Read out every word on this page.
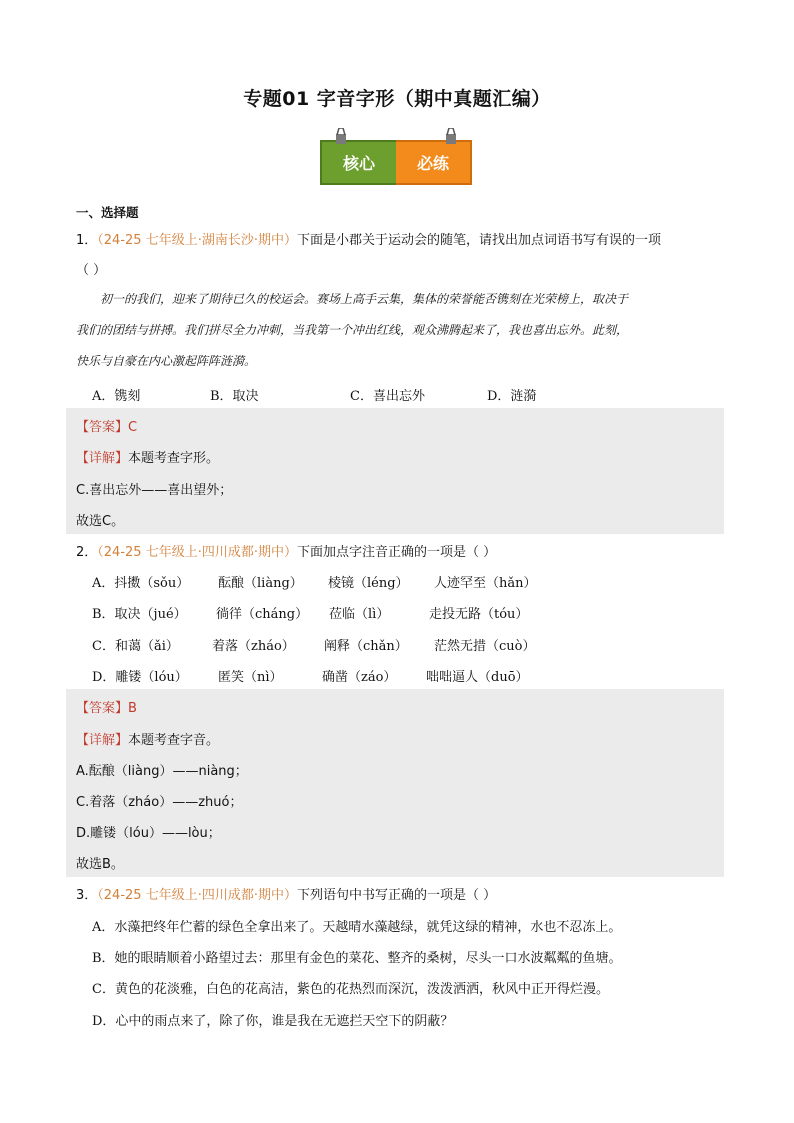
专题01 字音字形（期中真题汇编）
核心	必练
一、选择题
1．（24-25 七年级上·湖南长沙·期中）下面是小郡关于运动会的随笔，请找出加点词语书写有误的一项
（ ）
初一的我们，迎来了期待已久的校运会。赛场上高手云集，集体的荣誉能否镌刻在光荣榜上，取决于
我们的团结与拼搏。我们拼尽全力冲刺，当我第一个冲出红线，观众沸腾起来了，我也喜出忘外。此刻，
快乐与自豪在内心激起阵阵涟漪。
A．镌刻	B．取决	C．喜出忘外	D．涟漪
【答案】C
【详解】本题考查字形。
C.喜出忘外——喜出望外；
故选C。
2．（24-25 七年级上·四川成都·期中）下面加点字注音正确的一项是（ ）
A．抖擞（sǒu）	酝酿（liàng）	棱镜（léng）	人迹罕至（hǎn）
B．取决（jué）	徜徉（cháng）	莅临（lì）	走投无路（tóu）
C．和蔼（ǎi）	着落（zháo）	阐释（chǎn）	茫然无措（cuò）
D．雕镂（lóu）	匿笑（nì）	确凿（záo）	咄咄逼人（duō）
【答案】B
【详解】本题考查字音。
A.酝酿（liàng）——niàng；
C.着落（zháo）——zhuó；
D.雕镂（lóu）——lòu；
故选B。
3．（24-25 七年级上·四川成都·期中）下列语句中书写正确的一项是（ ）
A．水藻把终年伫蓄的绿色全拿出来了。天越晴水藻越绿，就凭这绿的精神，水也不忍冻上。
B．她的眼睛顺着小路望过去：那里有金色的菜花、整齐的桑树，尽头一口水波粼粼的鱼塘。
C．黄色的花淡雅，白色的花高洁，紫色的花热烈而深沉，泼泼洒洒，秋风中正开得烂漫。
D．心中的雨点来了，除了你，谁是我在无遮拦天空下的阴蔽？
